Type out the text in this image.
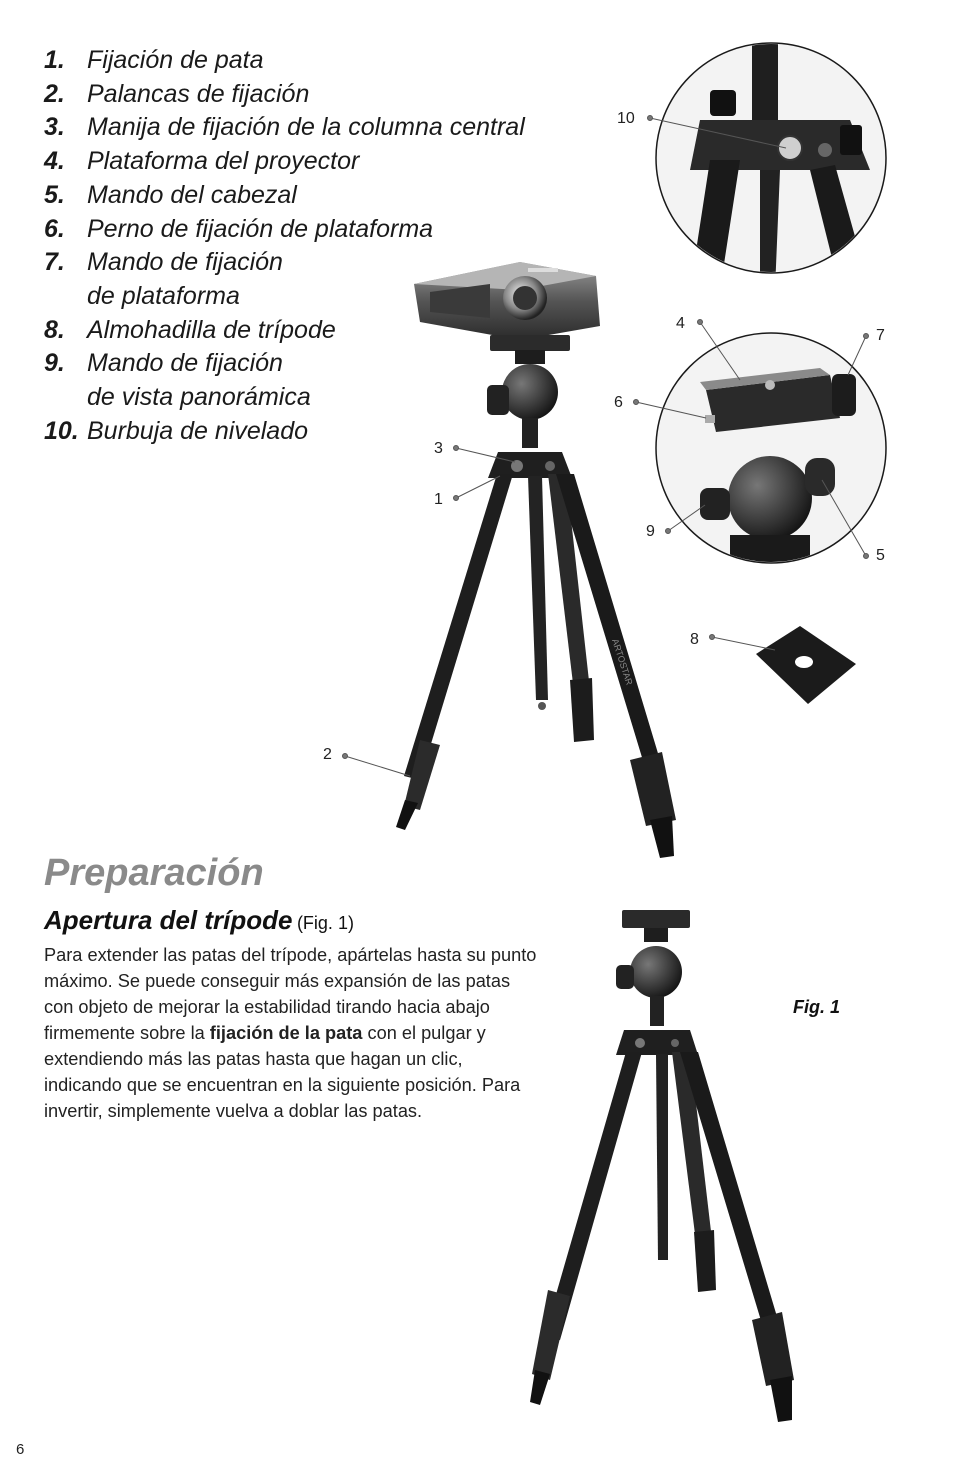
1. Fijación de pata
2. Palancas de fijación
3. Manija de fijación de la columna central
4. Plataforma del proyector
5. Mando del cabezal
6. Perno de fijación de plataforma
7. Mando de fijación
de plataforma
8. Almohadilla de trípode
9. Mando de fijación
de vista panorámica
10. Burbuja de nivelado
ARTOSTAR
10
4
7
6
9
5
8
3
1
2
Preparación
Apertura del trípode (Fig. 1)

Para extender las patas del trípode, apártelas hasta su punto máximo. Se puede conseguir más expansión de las patas con objeto de mejorar la estabilidad tirando hacia abajo firmemente sobre la fijación de la pata con el pulgar y extendiendo más las patas hasta que hagan un clic, indicando que se encuentran en la siguiente posición. Para invertir, simplemente vuelva a doblar las patas.

Fig. 1
6
